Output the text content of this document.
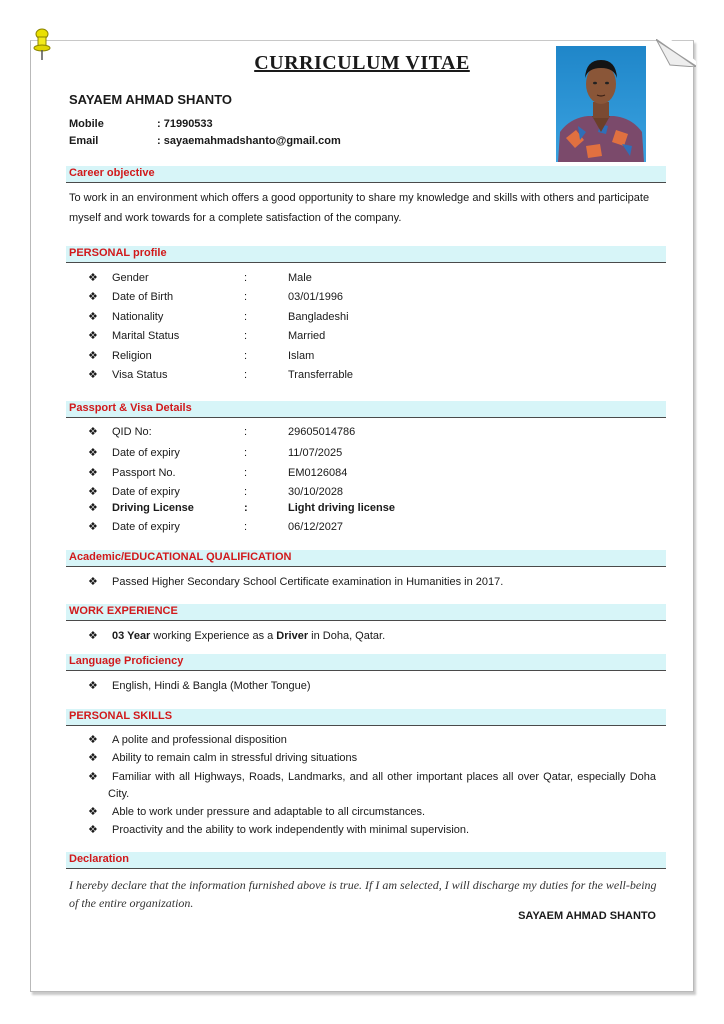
CURRICULUM VITAE
SAYAEM AHMAD SHANTO
Mobile	: 71990533
Email	: sayaemahmadshanto@gmail.com
Career objective
To work in an environment which offers a good opportunity to share my knowledge and skills with others and participate myself and work towards for a complete satisfaction of the company.
PERSONAL profile
❖ Gender	:	Male
❖ Date of Birth	:	03/01/1996
❖ Nationality	:	Bangladeshi
❖ Marital Status	:	Married
❖ Religion	:	Islam
❖ Visa Status	:	Transferrable
Passport & Visa Details
❖ QID No:	:	29605014786
❖ Date of expiry	:	11/07/2025
❖ Passport No.	:	EM0126084
❖ Date of expiry	:	30/10/2028
❖ Driving License	:	Light driving license
❖ Date of expiry	:	06/12/2027
Academic/EDUCATIONAL QUALIFICATION
❖ Passed Higher Secondary School Certificate examination in Humanities in 2017.
WORK EXPERIENCE
❖ 03 Year working Experience as a Driver in Doha, Qatar.
Language Proficiency
❖ English, Hindi & Bangla (Mother Tongue)
PERSONAL SKILLS
❖ A polite and professional disposition
❖ Ability to remain calm in stressful driving situations
❖	Familiar with all Highways, Roads, Landmarks, and all other important places all over Qatar, especially Doha City.
❖ Able to work under pressure and adaptable to all circumstances.
❖ Proactivity and the ability to work independently with minimal supervision.
Declaration
I hereby declare that the information furnished above is true. If I am selected, I will discharge my duties for the well-being of the entire organization.
SAYAEM AHMAD SHANTO
